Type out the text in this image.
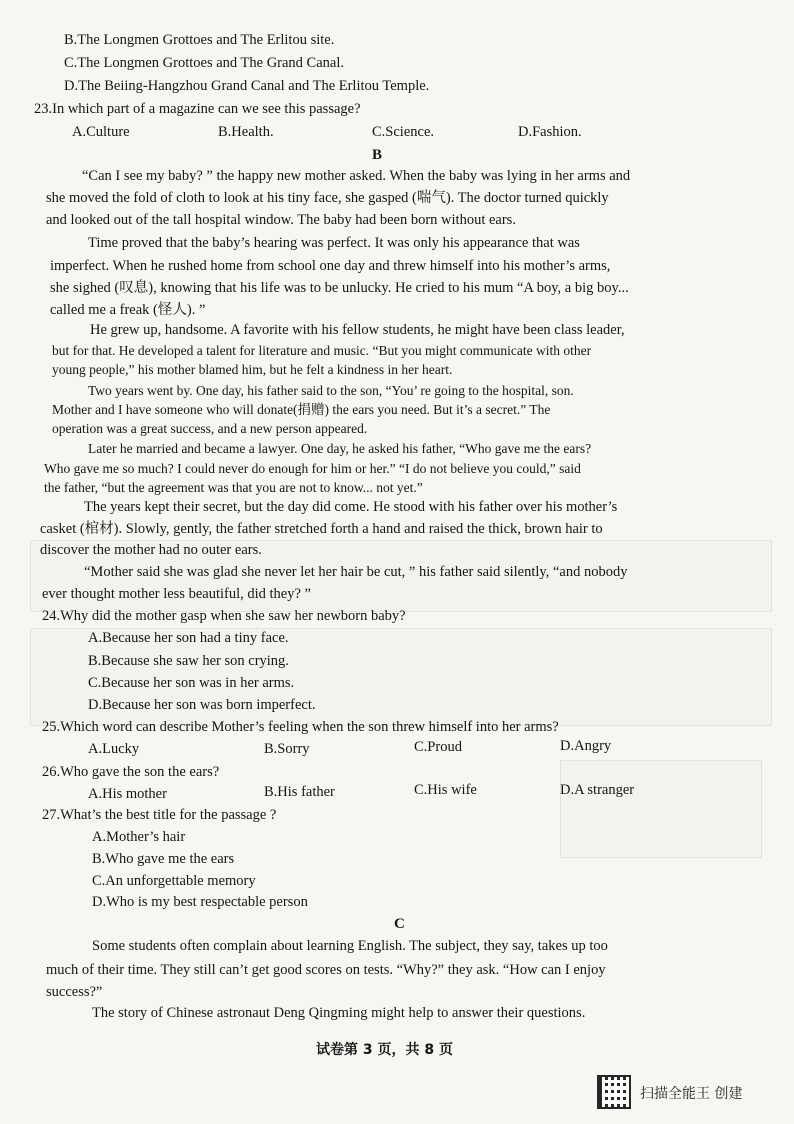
B.The Longmen Grottoes and The Erlitou site.
C.The Longmen Grottoes and The Grand Canal.
D.The Beiing-Hangzhou Grand Canal and The Erlitou Temple.
23.In which part of a magazine can we see this passage?
A.Culture	B.Health.	C.Science.	D.Fashion.
B
“Can I see my baby? ” the happy new mother asked. When the baby was lying in her arms and
she moved the fold of cloth to look at his tiny face, she gasped (喘气). The doctor turned quickly
and looked out of the tall hospital window. The baby had been born without ears.
Time proved that the baby’s hearing was perfect. It was only his appearance that was
imperfect. When he rushed home from school one day and threw himself into his mother’s arms,
she sighed (叹息), knowing that his life was to be unlucky. He cried to his mum “A boy, a big boy...
called me a freak (怪人). ”
He grew up, handsome. A favorite with his fellow students, he might have been class leader,
but for that. He developed a talent for literature and music. “But you might communicate with other
young people,” his mother blamed him, but he felt a kindness in her heart.
Two years went by. One day, his father said to the son, “You’ re going to the hospital, son.
Mother and I have someone who will donate(捐赠) the ears you need. But it’s a secret.” The
operation was a great success, and a new person appeared.
Later he married and became a lawyer. One day, he asked his father, “Who gave me the ears?
Who gave me so much? I could never do enough for him or her.” “I do not believe you could,” said
the father, “but the agreement was that you are not to know... not yet.”
The years kept their secret, but the day did come. He stood with his father over his mother’s
casket (棺材). Slowly, gently, the father stretched forth a hand and raised the thick, brown hair to
discover the mother had no outer ears.
“Mother said she was glad she never let her hair be cut, ” his father said silently, “and nobody
ever thought mother less beautiful, did they? ”
24.Why did the mother gasp when she saw her newborn baby?
A.Because her son had a tiny face.
B.Because she saw her son crying.
C.Because her son was in her arms.
D.Because her son was born imperfect.
25.Which word can describe Mother’s feeling when the son threw himself into her arms?
A.Lucky	B.Sorry	C.Proud	D.Angry
26.Who gave the son the ears?
A.His mother	B.His father	C.His wife	D.A stranger
27.What’s the best title for the passage ?
A.Mother’s hair
B.Who gave me the ears
C.An unforgettable memory
D.Who is my best respectable person
C
Some students often complain about learning English. The subject, they say, takes up too
much of their time. They still can’t get good scores on tests. “Why?” they ask. “How can I enjoy
success?”
The story of Chinese astronaut Deng Qingming might help to answer their questions.
试卷第 3 页，共 8 页
扫描全能王 创建
